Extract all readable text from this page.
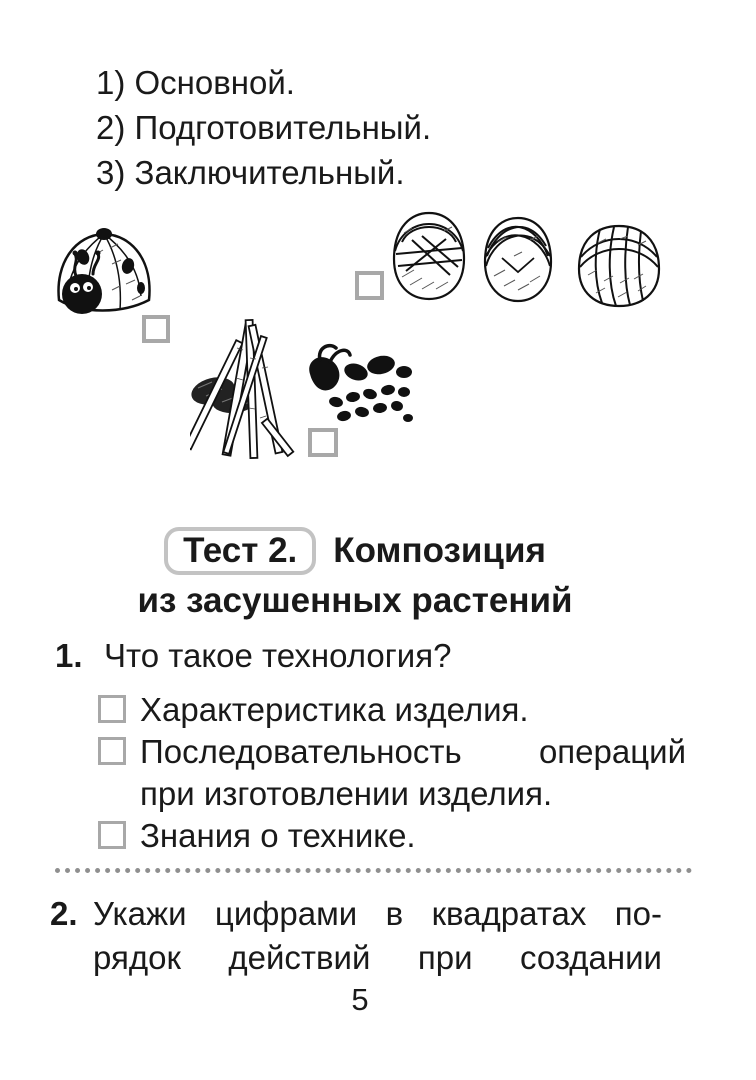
1) Основной.
2) Подготовительный.
3) Заключительный.
Тест 2.	Композиция
из засушенных растений
1. Что такое технология?
Характеристика изделия.
Последовательность операций
при изготовлении изделия.
Знания о технике.
2. Укажи цифрами в квадратах по-
рядок действий при создании
5
